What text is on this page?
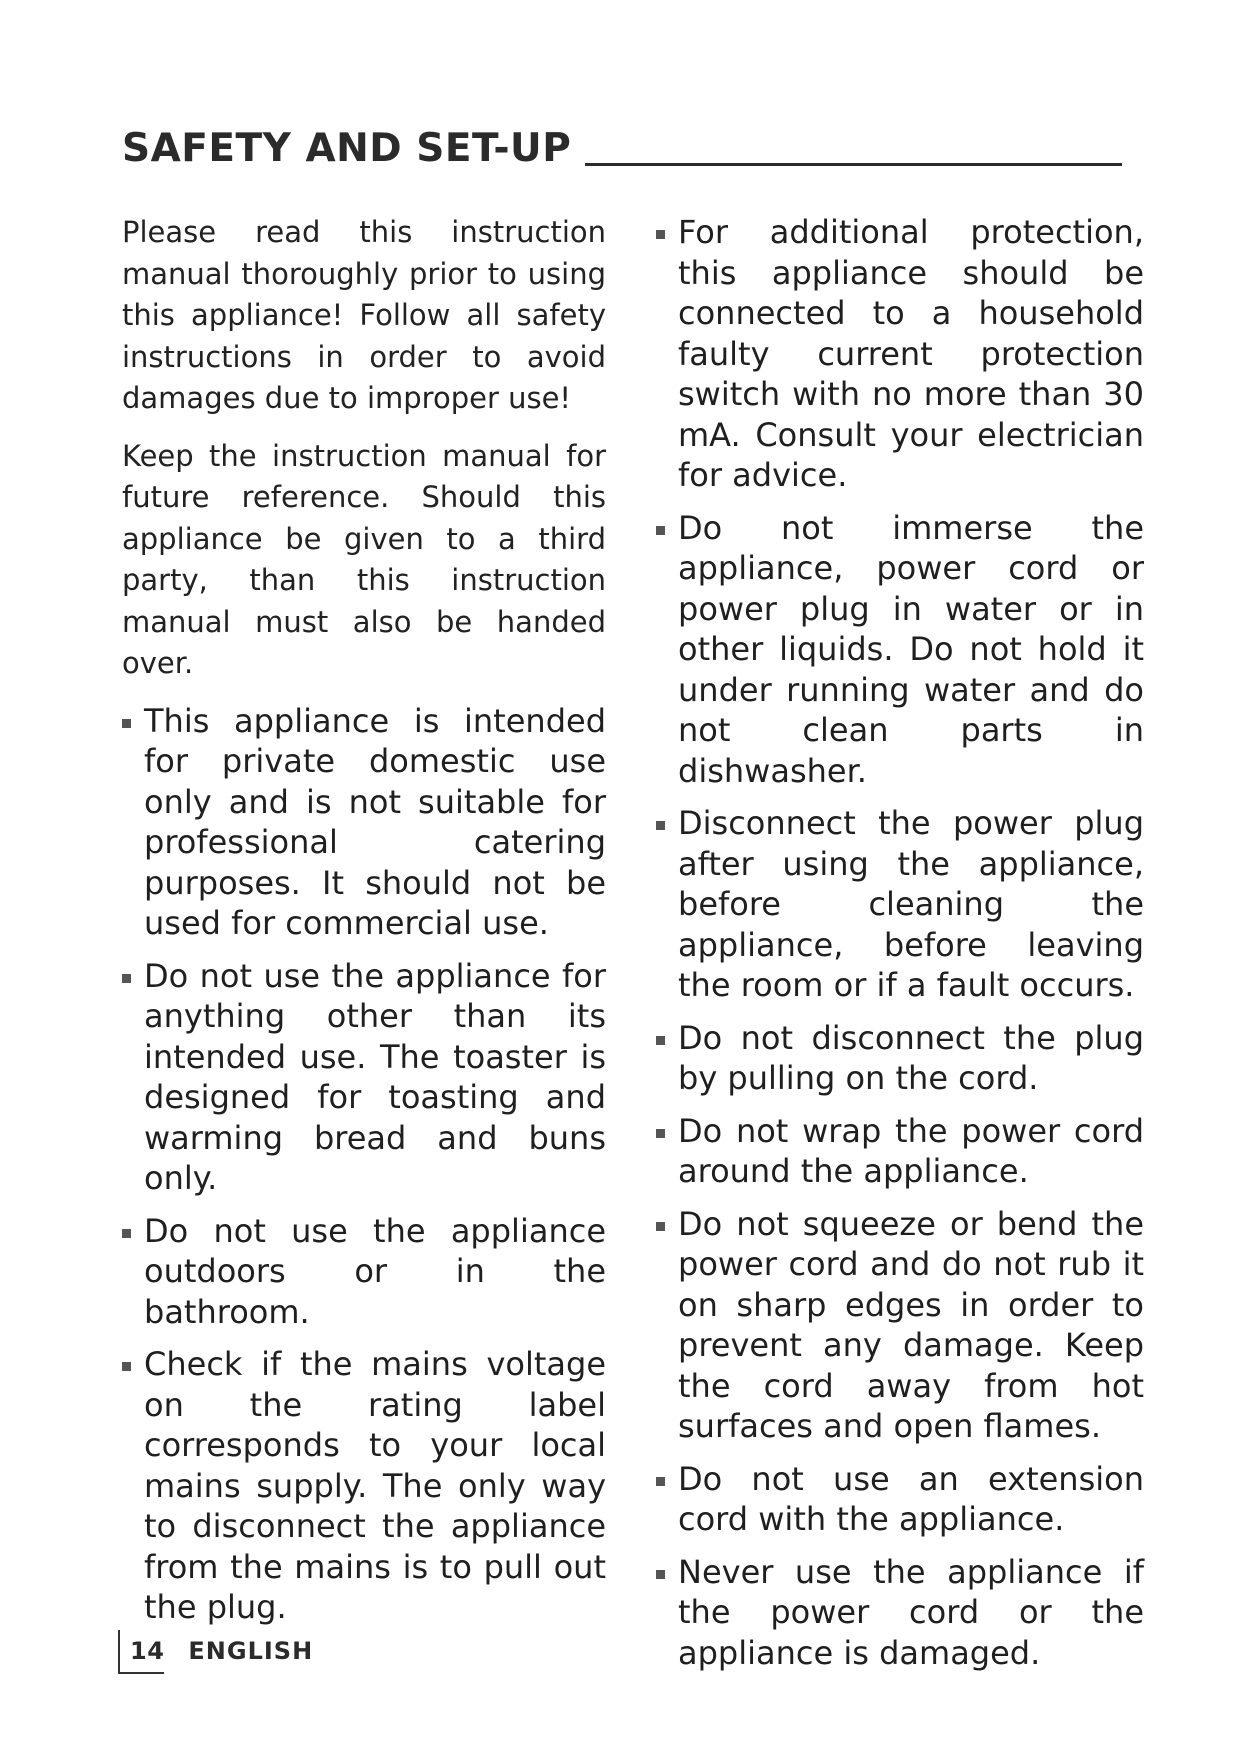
SAFETY AND SET-UP

Please read this instruction manual thoroughly prior to using this appliance! Follow all safety instructions in order to avoid damages due to improper use!

Keep the instruction manual for future reference. Should this appliance be given to a third party, than this instruction manual must also be handed over.

This appliance is intended for private domestic use only and is not suitable for professional catering purposes. It should not be used for commercial use.
Do not use the appliance for anything other than its intended use. The toaster is designed for toasting and warming bread and buns only.
Do not use the appliance outdoors or in the bathroom.
Check if the mains voltage on the rating label corresponds to your local mains supply. The only way to disconnect the appliance from the mains is to pull out the plug.
For additional protection, this appliance should be connected to a household faulty current protection switch with no more than 30 mA. Consult your electrician for advice.
Do not immerse the appliance, power cord or power plug in water or in other liquids. Do not hold it under running water and do not clean parts in dishwasher.
Disconnect the power plug after using the appliance, before cleaning the appliance, before leaving the room or if a fault occurs.
Do not disconnect the plug by pulling on the cord.
Do not wrap the power cord around the appliance.
Do not squeeze or bend the power cord and do not rub it on sharp edges in order to prevent any damage. Keep the cord away from hot surfaces and open flames.
Do not use an extension cord with the appliance.
Never use the appliance if the power cord or the appliance is damaged.
14 ENGLISH
